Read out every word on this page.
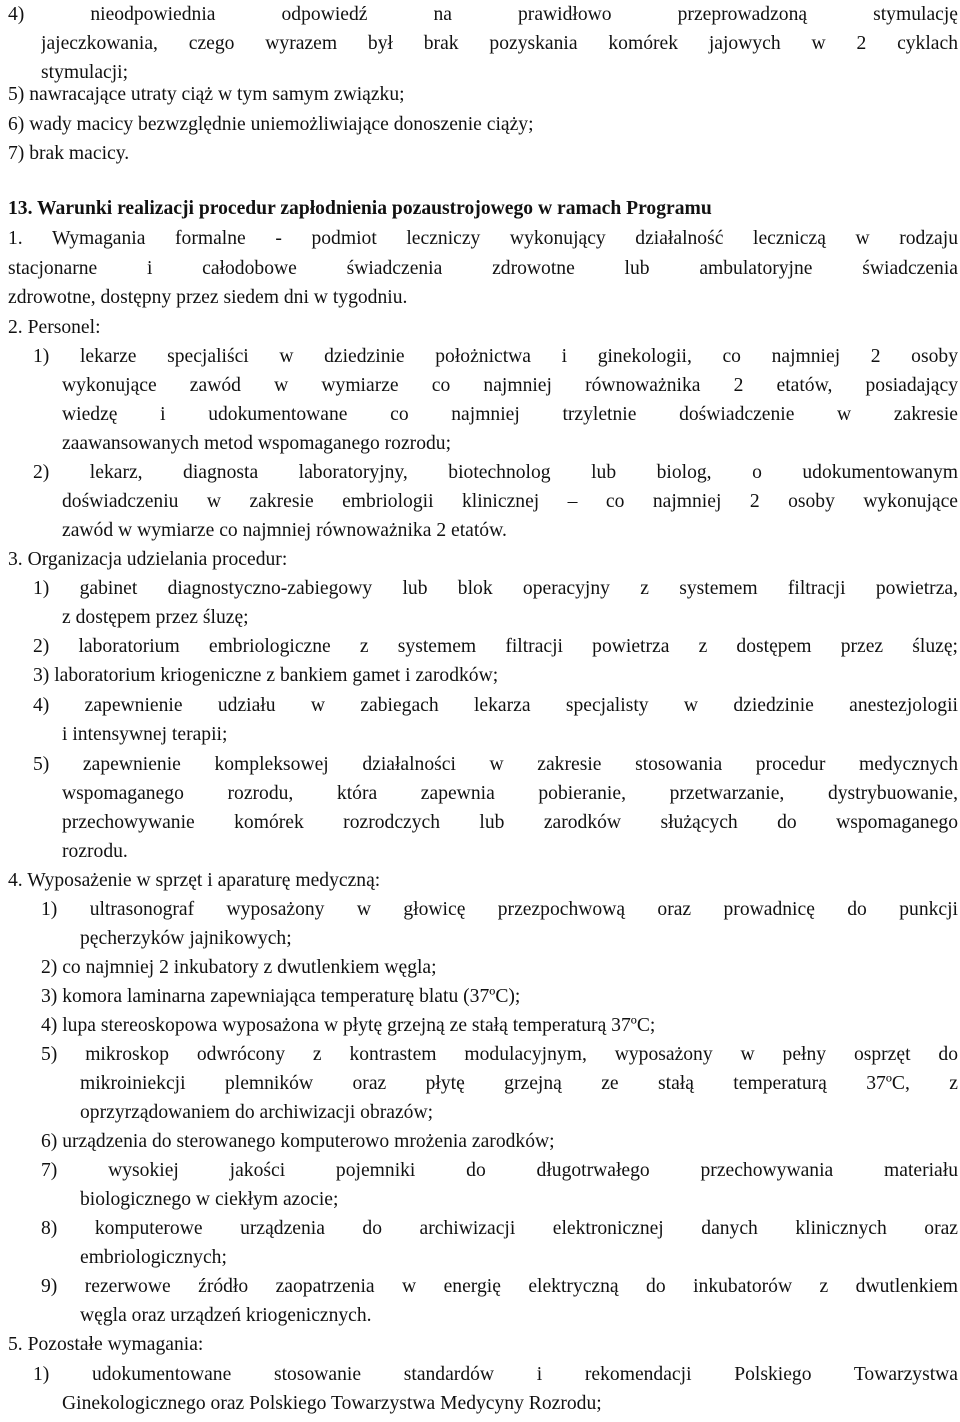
4) nieodpowiednia odpowiedź na prawidłowo przeprowadzoną stymulację
jajeczkowania, czego wyrazem był brak pozyskania komórek jajowych w 2 cyklach
stymulacji;
5) nawracające utraty ciąż w tym samym związku;
6) wady macicy bezwzględnie uniemożliwiające donoszenie ciąży;
7) brak macicy.
13. Warunki realizacji procedur zapłodnienia pozaustrojowego w ramach Programu
1. Wymagania formalne - podmiot leczniczy wykonujący działalność leczniczą w rodzaju
stacjonarne i całodobowe świadczenia zdrowotne lub ambulatoryjne świadczenia
zdrowotne, dostępny przez siedem dni w tygodniu.
2. Personel:
1) lekarze specjaliści w dziedzinie położnictwa i ginekologii, co najmniej 2 osoby
wykonujące zawód w wymiarze co najmniej równoważnika 2 etatów, posiadający
wiedzę i udokumentowane co najmniej trzyletnie doświadczenie w zakresie
zaawansowanych metod wspomaganego rozrodu;
2) lekarz, diagnosta laboratoryjny, biotechnolog lub biolog, o udokumentowanym
doświadczeniu w zakresie embriologii klinicznej – co najmniej 2 osoby wykonujące
zawód w wymiarze co najmniej równoważnika 2 etatów.
3. Organizacja udzielania procedur:
1) gabinet diagnostyczno-zabiegowy lub blok operacyjny z systemem filtracji powietrza,
z dostępem przez śluzę;
2) laboratorium embriologiczne z systemem filtracji powietrza z dostępem przez śluzę;
3) laboratorium kriogeniczne z bankiem gamet i zarodków;
4) zapewnienie udziału w zabiegach lekarza specjalisty w dziedzinie anestezjologii
i intensywnej terapii;
5) zapewnienie kompleksowej działalności w zakresie stosowania procedur medycznych
wspomaganego rozrodu, która zapewnia pobieranie, przetwarzanie, dystrybuowanie,
przechowywanie komórek rozrodczych lub zarodków służących do wspomaganego
rozrodu.
4. Wyposażenie w sprzęt i aparaturę medyczną:
1) ultrasonograf wyposażony w głowicę przezpochwową oraz prowadnicę do punkcji
pęcherzyków jajnikowych;
2) co najmniej 2 inkubatory z dwutlenkiem węgla;
3) komora laminarna zapewniająca temperaturę blatu (37ºC);
4) lupa stereoskopowa wyposażona w płytę grzejną ze stałą temperaturą 37ºC;
5) mikroskop odwrócony z kontrastem modulacyjnym, wyposażony w pełny osprzęt do
mikroiniekcji plemników oraz płytę grzejną ze stałą temperaturą 37ºC, z
oprzyrządowaniem do archiwizacji obrazów;
6) urządzenia do sterowanego komputerowo mrożenia zarodków;
7) wysokiej jakości pojemniki do długotrwałego przechowywania materiału
biologicznego w ciekłym azocie;
8) komputerowe urządzenia do archiwizacji elektronicznej danych klinicznych oraz
embriologicznych;
9) rezerwowe źródło zaopatrzenia w energię elektryczną do inkubatorów z dwutlenkiem
węgla oraz urządzeń kriogenicznych.
5. Pozostałe wymagania:
1) udokumentowane stosowanie standardów i rekomendacji Polskiego Towarzystwa
Ginekologicznego oraz Polskiego Towarzystwa Medycyny Rozrodu;
